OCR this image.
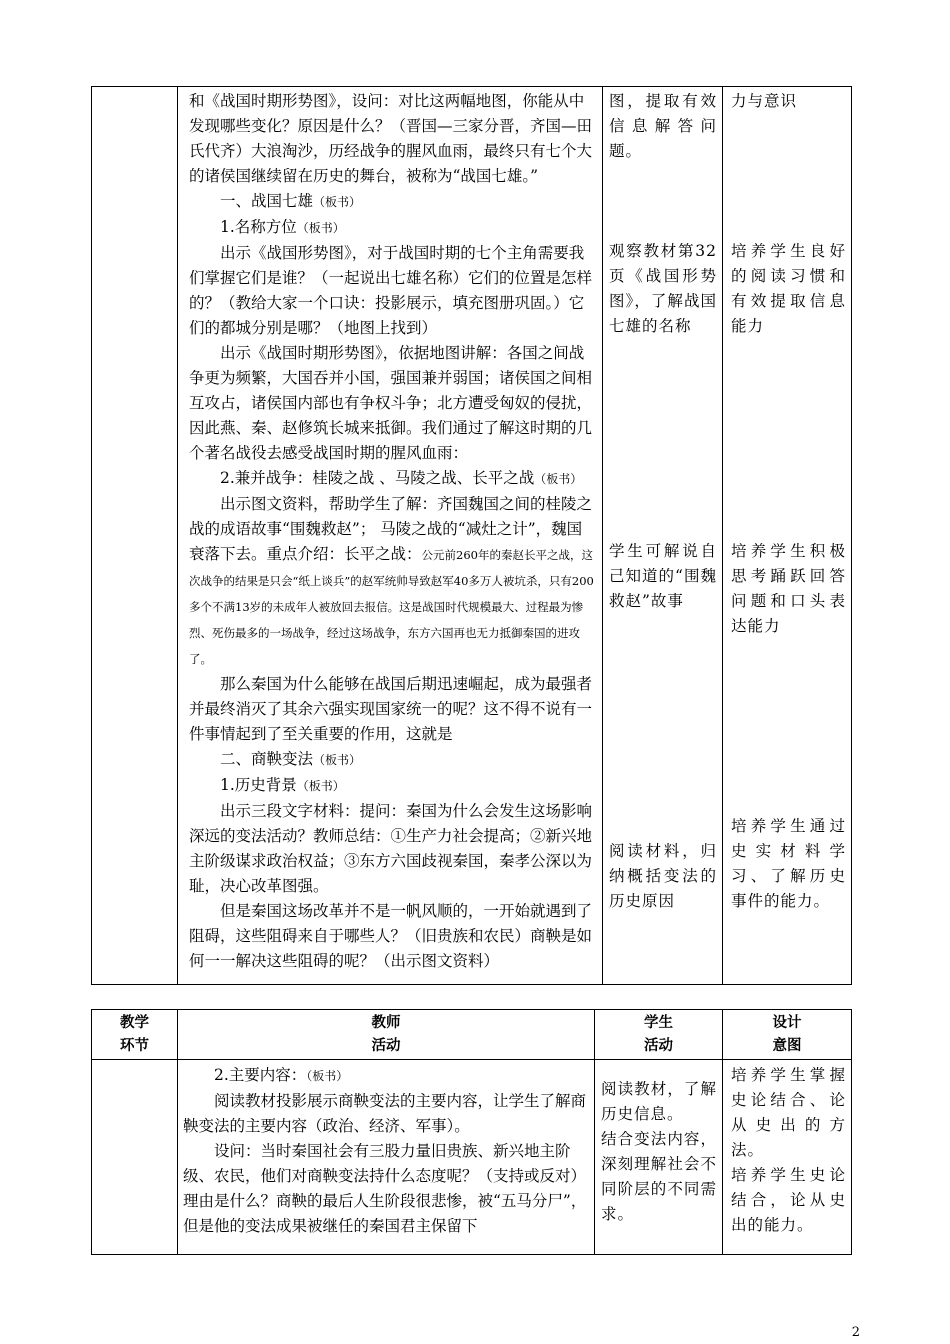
和《战国时期形势图》，设问：对比这两幅地图，你能从中发现哪些变化？原因是什么？（晋国—三家分晋，齐国—田氏代齐）大浪淘沙，历经战争的腥风血雨，最终只有七个大的诸侯国继续留在历史的舞台，被称为“战国七雄。”

一、战国七雄（板书）

1.名称方位（板书）

出示《战国形势图》，对于战国时期的七个主角需要我们掌握它们是谁？（一起说出七雄名称）它们的位置是怎样的？（教给大家一个口诀：投影展示，填充图册巩固。）它们的都城分别是哪？（地图上找到）

出示《战国时期形势图》，依据地图讲解：各国之间战争更为频繁，大国吞并小国，强国兼并弱国；诸侯国之间相互攻占，诸侯国内部也有争权斗争；北方遭受匈奴的侵扰，因此燕、秦、赵修筑长城来抵御。我们通过了解这时期的几个著名战役去感受战国时期的腥风血雨：

2.兼并战争：桂陵之战 、马陵之战、长平之战（板书）

出示图文资料，帮助学生了解：齐国魏国之间的桂陵之战的成语故事“围魏救赵”； 马陵之战的“减灶之计”，魏国衰落下去。重点介绍：长平之战：公元前260年的秦赵长平之战，这次战争的结果是只会“纸上谈兵”的赵军统帅导致赵军40多万人被坑杀，只有200多个不满13岁的未成年人被放回去报信。这是战国时代规模最大、过程最为惨烈、死伤最多的一场战争，经过这场战争，东方六国再也无力抵御秦国的进攻了。

那么秦国为什么能够在战国后期迅速崛起，成为最强者并最终消灭了其余六强实现国家统一的呢？这不得不说有一件事情起到了至关重要的作用，这就是

二、商鞅变法（板书）

1.历史背景（板书）

出示三段文字材料：提问：秦国为什么会发生这场影响深远的变法活动？教师总结：①生产力社会提高；②新兴地主阶级谋求政治权益；③东方六国歧视秦国，秦孝公深以为耻，决心改革图强。

但是秦国这场改革并不是一帆风顺的，一开始就遇到了阻碍，这些阻碍来自于哪些人？（旧贵族和农民）商鞅是如何一一解决这些阻碍的呢？（出示图文资料）

图，提取有效信息解答问题。
观察教材第32页《战国形势图》，了解战国七雄的名称
学生可解说自己知道的“围魏救赵”故事
阅读材料，归纳概括变法的历史原因
力与意识
培养学生良好的阅读习惯和有效提取信息能力
培养学生积极思考踊跃回答问题和口头表达能力
培养学生通过史实材料学习、了解历史事件的能力。
教学
环节
教师
活动
学生
活动
设计
意图

2.主要内容：（板书）

阅读教材投影展示商鞅变法的主要内容，让学生了解商鞅变法的主要内容（政治、经济、军事）。

设问：当时秦国社会有三股力量旧贵族、新兴地主阶级、农民，他们对商鞅变法持什么态度呢？（支持或反对）理由是什么？商鞅的最后人生阶段很悲惨，被“五马分尸”，但是他的变法成果被继任的秦国君主保留下

阅读教材，了解历史信息。
结合变法内容，深刻理解社会不同阶层的不同需求。
培养学生掌握史论结合、论从史出的方法。
培养学生史论结合，论从史出的能力。
2
